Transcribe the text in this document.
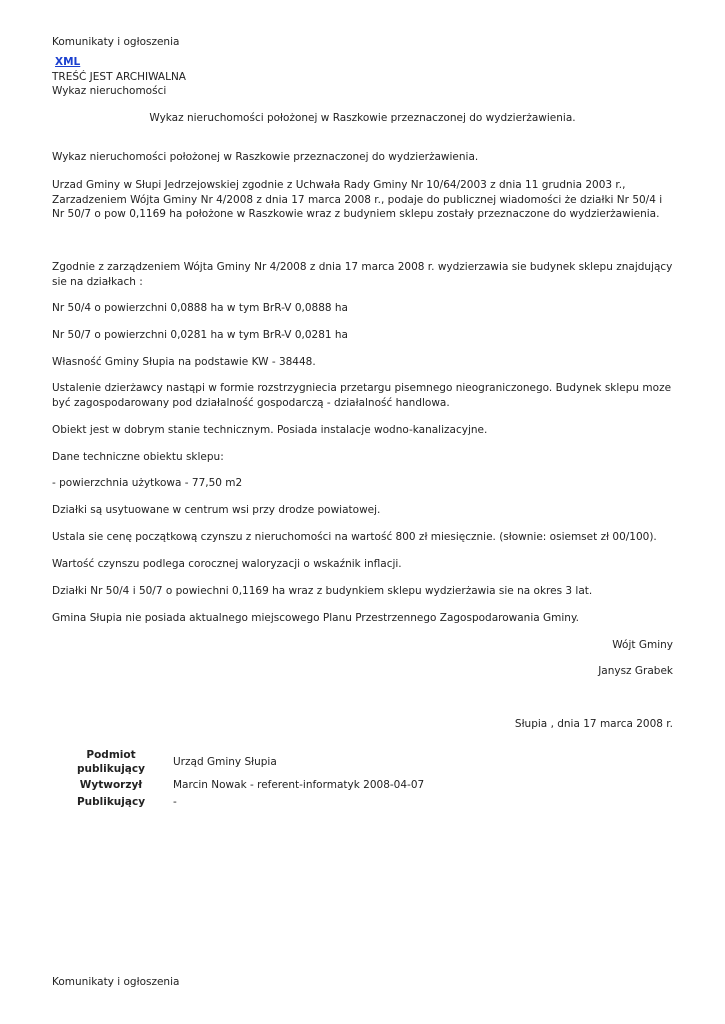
Komunikaty i ogłoszenia
XML
TREŚĆ JEST ARCHIWALNA
Wykaz nieruchomości
Wykaz nieruchomości położonej w Raszkowie przeznaczonej do wydzierżawienia.

Wykaz nieruchomości położonej w Raszkowie przeznaczonej do wydzierżawienia.

Urzad Gminy w Słupi Jedrzejowskiej zgodnie z Uchwała Rady Gminy Nr 10/64/2003 z dnia 11 grudnia 2003 r., Zarzadzeniem Wójta Gminy Nr 4/2008 z dnia 17 marca 2008 r., podaje do publicznej wiadomości że działki Nr 50/4 i Nr 50/7 o pow 0,1169 ha położone w Raszkowie wraz z budyniem sklepu zostały przeznaczone do wydzierżawienia.

Zgodnie z zarządzeniem Wójta Gminy Nr 4/2008 z dnia 17 marca 2008 r. wydzierzawia sie budynek sklepu znajdujący sie na działkach :

Nr 50/4 o powierzchni 0,0888 ha w tym BrR-V 0,0888 ha

Nr 50/7 o powierzchni 0,0281 ha w tym BrR-V 0,0281 ha

Własność Gminy Słupia na podstawie KW - 38448.

Ustalenie dzierżawcy nastąpi w formie rozstrzygniecia przetargu pisemnego nieograniczonego. Budynek sklepu moze być zagospodarowany pod działalność gospodarczą - działalność handlowa.

Obiekt jest w dobrym stanie technicznym. Posiada instalacje wodno-kanalizacyjne.

Dane techniczne obiektu sklepu:

- powierzchnia użytkowa - 77,50 m2

Działki są usytuowane w centrum wsi przy drodze powiatowej.

Ustala sie cenę początkową czynszu z nieruchomości na wartość 800 zł miesięcznie. (słownie: osiemset zł 00/100).

Wartość czynszu podlega corocznej waloryzacji o wskaźnik inflacji.

Działki Nr 50/4 i 50/7 o powiechni 0,1169 ha wraz z budynkiem sklepu wydzierżawia sie na okres 3 lat.

Gmina Słupia nie posiada aktualnego miejscowego Planu Przestrzennego Zagospodarowania Gminy.

Wójt Gminy
Janysz Grabek
Słupia , dnia 17 marca 2008 r.
Podmiot publikujący	Urząd Gminy Słupia
Wytworzył	Marcin Nowak - referent-informatyk 2008-04-07
Publikujący	-
Komunikaty i ogłoszenia
